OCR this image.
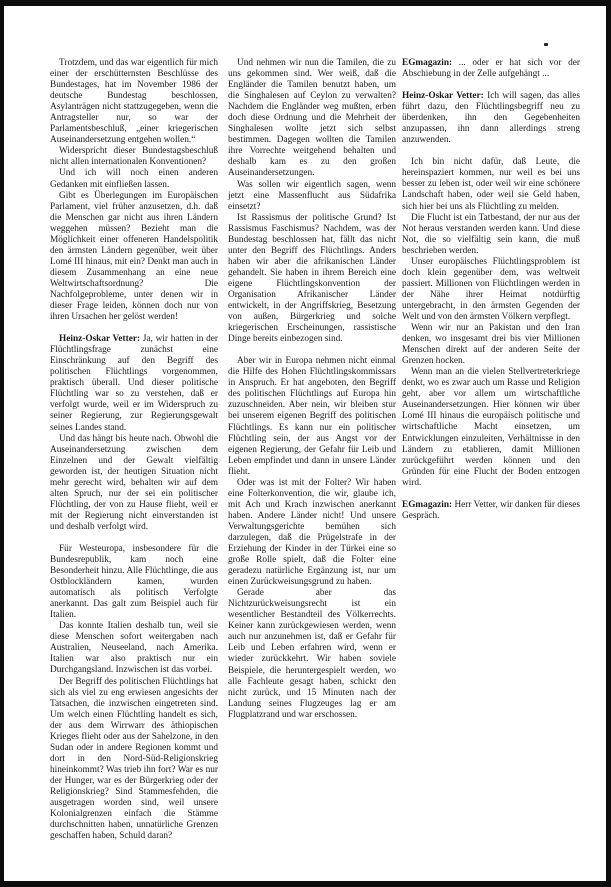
Trotzdem, und das war eigentlich für mich einer der erschütternsten Beschlüsse des Bundestages, hat im November 1986 der deutsche Bundestag beschlossen, Asylanträgen nicht stattzugegeben, wenn die Antragsteller nur, so war der Parlamentsbeschluß, „einer kriegerischen Auseinandersetzung entgehen wollen.“

Widerspricht dieser Bundestagsbeschluß nicht allen internationalen Konventionen?

Und ich will noch einen anderen Gedanken mit einfließen lassen.

Gibt es Überlegungen im Europäischen Parlament, viel früher anzusetzen, d.h. daß die Menschen gar nicht aus ihren Ländern weggehen müssen? Bezieht man die Möglichkeit einer offeneren Handelspolitik den ärmsten Ländern gegenüber, weit über Lomé III hinaus, mit ein? Denkt man auch in diesem Zusammenhang an eine neue Weltwirtschaftsordnung? Die Nachfolgeprobleme, unter denen wir in dieser Frage leiden, können doch nur von ihren Ursachen her gelöst werden!

Heinz-Oskar Vetter: Ja, wir hatten in der Flüchtlingsfrage zunächst eine Einschränkung auf den Begriff des politischen Flüchtlings vorgenommen, praktisch überall. Und dieser politische Flüchtling war so zu verstehen, daß er verfolgt wurde, weil er im Widerspruch zu seiner Regierung, zur Regierungsgewalt seines Landes stand.

Und das hängt bis heute nach. Obwohl die Auseinandersetzung zwischen dem Einzelnen und der Gewalt vielfältig geworden ist, der heutigen Situation nicht mehr gerecht wird, behalten wir auf dem alten Spruch, nur der sei ein politischer Flüchtling, der von zu Hause flieht, weil er mit der Regierung nicht einverstanden ist und deshalb verfolgt wird.

Für Westeuropa, insbesondere für die Bundesrepublik, kam noch eine Besonderheit hinzu. Alle Flüchtlinge, die aus Ostblockländern kamen, wurden automatisch als politisch Verfolgte anerkannt. Das galt zum Beispiel auch für Italien.

Das konnte Italien deshalb tun, weil sie diese Menschen sofort weitergaben nach Australien, Neuseeland, nach Amerika. Italien war also praktisch nur ein Durchgangsland. Inzwischen ist das vorbei.

Der Begriff des politischen Flüchtlings hat sich als viel zu eng erwiesen angesichts der Tatsachen, die inzwischen eingetreten sind. Um welch einen Flüchtling handelt es sich, der aus dem Wirrwarr des äthiopischen Krieges flieht oder aus der Sahelzone, in den Sudan oder in andere Regionen kommt und dort in den Nord-Süd-Religionskrieg hineinkommt? Was trieb ihn fort? War es nur der Hunger, war es der Bürgerkrieg oder der Religionskrieg? Sind Stammesfehden, die ausgetragen worden sind, weil unsere Kolonialgrenzen einfach die Stämme durchschnitten haben, unnatürliche Grenzen geschaffen haben, Schuld daran?

Und nehmen wir nun die Tamilen, die zu uns gekommen sind. Wer weiß, daß die Engländer die Tamilen benutzt haben, um die Singhalesen auf Ceylon zu verwalten? Nachdem die Engländer weg mußten, erben doch diese Ordnung und die Mehrheit der Singhalesen wollte jetzt sich selbst bestimmen. Dagegen wollten die Tamilen ihre Vorrechte weitgehend behalten und deshalb kam es zu den großen Auseinandersetzungen.

Was sollen wir eigentlich sagen, wenn jetzt eine Massenflucht aus Südafrika einsetzt?

Ist Rassismus der politische Grund? Ist Rassismus Faschismus? Nachdem, was der Bundestag beschlossen hat, fällt das nicht unter den Begriff des Flüchtlings. Anders haben wir aber die afrikanischen Länder gehandelt. Sie haben in ihrem Bereich eine eigene Flüchtlingskonvention der Organisation Afrikanischer Länder entwickelt, in der Angriffskrieg, Besetzung von außen, Bürgerkrieg und solche kriegerischen Erscheinungen, rassistische Dinge bereits einbezogen sind.

Aber wir in Europa nehmen nicht einmal die Hilfe des Hohen Flüchtlingskommissars in Anspruch. Er hat angeboten, den Begriff des politischen Flüchtlings auf Europa hin zuzuschneiden. Aber nein, wir bleiben stur bei unserem eigenen Begriff des politischen Flüchtlings. Es kann nur ein politischer Flüchtling sein, der aus Angst vor der eigenen Regierung, der Gefahr für Leib und Leben empfindet und dann in unsere Länder flieht.

Oder was ist mit der Folter? Wir haben eine Folterkonvention, die wir, glaube ich, mit Ach und Krach inzwischen anerkannt haben. Andere Länder nicht! Und unsere Verwaltungsgerichte bemühen sich darzulegen, daß die Prügelstrafe in der Erziehung der Kinder in der Türkei eine so große Rolle spielt, daß die Folter eine geradezu natürliche Ergänzung ist, nur um einen Zurückweisungsgrund zu haben.

Gerade aber das Nichtzurückweisungsrecht ist ein wesentlicher Bestandteil des Völkerrechts. Keiner kann zurückgewiesen werden, wenn auch nur anzunehmen ist, daß er Gefahr für Leib und Leben erfahren wird, wenn er wieder zurückkehrt. Wir haben soviele Beispiele, die heruntergespielt werden, wo alle Fachleute gesagt haben, schickt den nicht zurück, und 15 Minuten nach der Landung seines Flugzeuges lag er am Flugplatzrand und war erschossen.

EGmagazin: ... oder er hat sich vor der Abschiebung in der Zelle aufgehängt ...

Heinz-Oskar Vetter: Ich will sagen, das alles führt dazu, den Flüchtlingsbegriff neu zu überdenken, ihn den Gegebenheiten anzupassen, ihn dann allerdings streng anzuwenden.

Ich bin nicht dafür, daß Leute, die hereinspaziert kommen, nur weil es bei uns besser zu leben ist, oder weil wir eine schönere Landschaft haben, oder weil sie Geld haben, sich hier bei uns als Flüchtling zu melden.

Die Flucht ist ein Tatbestand, der nur aus der Not heraus verstanden werden kann. Und diese Not, die so vielfältig sein kann, die muß beschrieben werden.

Unser europäisches Flüchtlingsproblem ist doch klein gegenüber dem, was weltweit passiert. Millionen von Flüchtlingen werden in der Nähe ihrer Heimat notdürftig untergebracht, in den ärmsten Gegenden der Welt und von den ärmsten Völkern verpflegt.

Wenn wir nur an Pakistan und den Iran denken, wo insgesamt drei bis vier Millionen Menschen direkt auf der anderen Seite der Grenzen hocken.

Wenn man an die vielen Stellvertreterkriege denkt, wo es zwar auch um Rasse und Religion geht, aber vor allem um wirtschaftliche Auseinandersetzungen. Hier können wir über Lomé III hinaus die europäisch politische und wirtschaftliche Macht einsetzen, um Entwicklungen einzuleiten, Verhältnisse in den Ländern zu etablieren, damit Millionen zurückgeführt werden können und den Gründen für eine Flucht der Boden entzogen wird.

EGmagazin: Herr Vetter, wir danken für dieses Gespräch.
